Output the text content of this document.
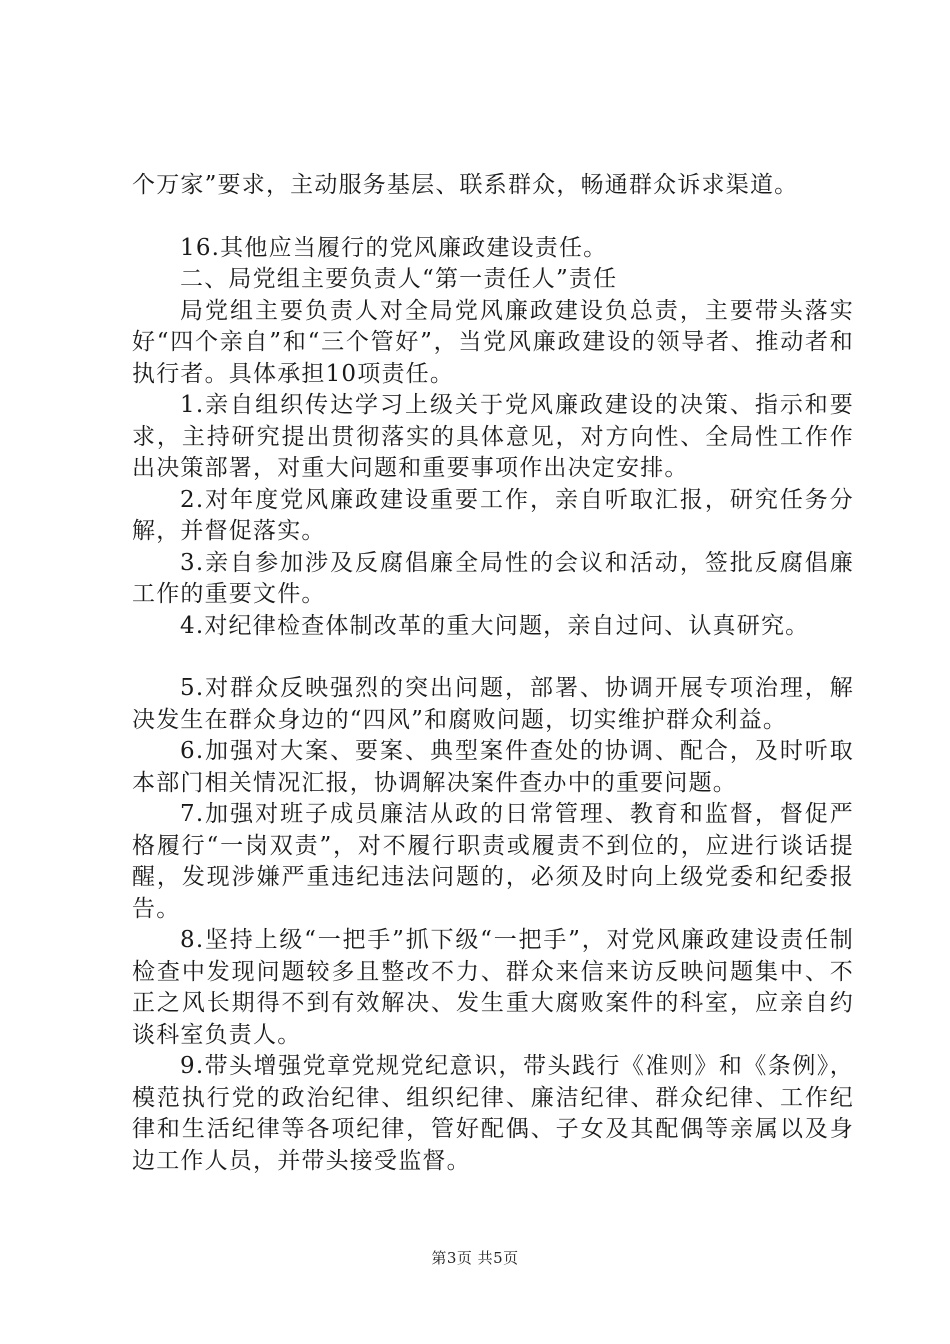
个万家”要求，主动服务基层、联系群众，畅通群众诉求渠道。

16.其他应当履行的党风廉政建设责任。

二、局党组主要负责人“第一责任人”责任

局党组主要负责人对全局党风廉政建设负总责，主要带头落实好“四个亲自”和“三个管好”，当党风廉政建设的领导者、推动者和执行者。具体承担10项责任。

1.亲自组织传达学习上级关于党风廉政建设的决策、指示和要求，主持研究提出贯彻落实的具体意见，对方向性、全局性工作作出决策部署，对重大问题和重要事项作出决定安排。

2.对年度党风廉政建设重要工作，亲自听取汇报，研究任务分解，并督促落实。

3.亲自参加涉及反腐倡廉全局性的会议和活动，签批反腐倡廉工作的重要文件。

4.对纪律检查体制改革的重大问题，亲自过问、认真研究。

5.对群众反映强烈的突出问题，部署、协调开展专项治理，解决发生在群众身边的“四风”和腐败问题，切实维护群众利益。

6.加强对大案、要案、典型案件查处的协调、配合，及时听取本部门相关情况汇报，协调解决案件查办中的重要问题。

7.加强对班子成员廉洁从政的日常管理、教育和监督，督促严格履行“一岗双责”，对不履行职责或履责不到位的，应进行谈话提醒，发现涉嫌严重违纪违法问题的，必须及时向上级党委和纪委报告。

8.坚持上级“一把手”抓下级“一把手”，对党风廉政建设责任制检查中发现问题较多且整改不力、群众来信来访反映问题集中、不正之风长期得不到有效解决、发生重大腐败案件的科室，应亲自约谈科室负责人。

9.带头增强党章党规党纪意识，带头践行《准则》和《条例》，模范执行党的政治纪律、组织纪律、廉洁纪律、群众纪律、工作纪律和生活纪律等各项纪律，管好配偶、子女及其配偶等亲属以及身边工作人员，并带头接受监督。

第3页 共5页
